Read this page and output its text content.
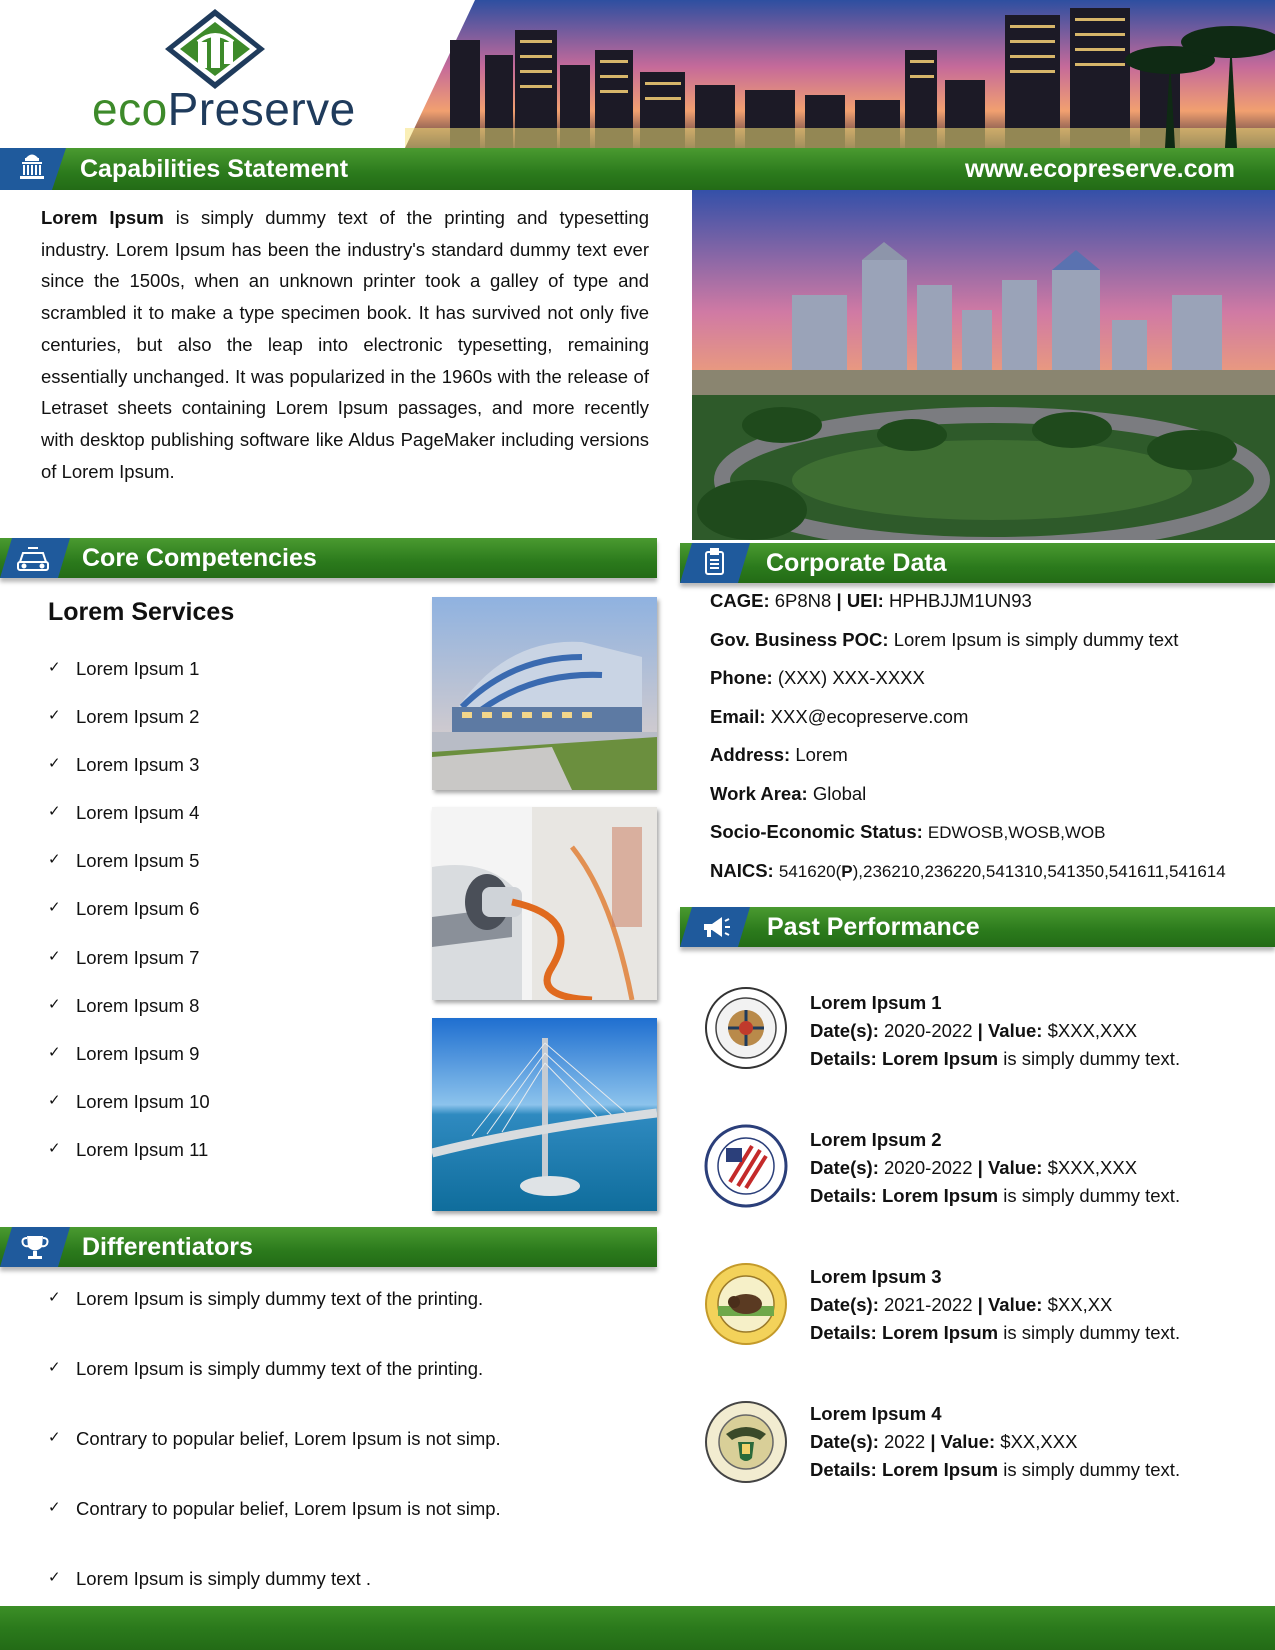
ecoPreserve
Capabilities Statement	www.ecopreserve.com
Lorem Ipsum is simply dummy text of the printing and typesetting industry. Lorem Ipsum has been the industry's standard dummy text ever since the 1500s, when an unknown printer took a galley of type and scrambled it to make a type specimen book. It has survived not only five centuries, but also the leap into electronic typesetting, remaining essentially unchanged. It was popularized in the 1960s with the release of Letraset sheets containing Lorem Ipsum passages, and more recently with desktop publishing software like Aldus PageMaker including versions of Lorem Ipsum.
Core Competencies
Lorem Services
✓ Lorem Ipsum 1
✓ Lorem Ipsum 2
✓ Lorem Ipsum 3
✓ Lorem Ipsum 4
✓ Lorem Ipsum 5
✓ Lorem Ipsum 6
✓ Lorem Ipsum 7
✓ Lorem Ipsum 8
✓ Lorem Ipsum 9
✓ Lorem Ipsum 10
✓ Lorem Ipsum 11
Differentiators
✓ Lorem Ipsum is simply dummy text of the printing.
✓ Lorem Ipsum is simply dummy text of the printing.
✓ Contrary to popular belief, Lorem Ipsum is not simp.
✓ Contrary to popular belief, Lorem Ipsum is not simp.
✓ Lorem Ipsum is simply dummy text .
Corporate Data
CAGE: 6P8N8 | UEI: HPHBJJM1UN93
Gov. Business POC: Lorem Ipsum is simply dummy text
Phone: (XXX) XXX-XXXX
Email: XXX@ecopreserve.com
Address: Lorem
Work Area: Global
Socio-Economic Status: EDWOSB,WOSB,WOB
NAICS: 541620(P),236210,236220,541310,541350,541611,541614
Past Performance
Lorem Ipsum 1
Date(s): 2020-2022 | Value: $XXX,XXX
Details: Lorem Ipsum is simply dummy text.
Lorem Ipsum 2
Date(s): 2020-2022 | Value: $XXX,XXX
Details: Lorem Ipsum is simply dummy text.
Lorem Ipsum 3
Date(s): 2021-2022 | Value: $XX,XX
Details: Lorem Ipsum is simply dummy text.
Lorem Ipsum 4
Date(s): 2022 | Value: $XX,XXX
Details: Lorem Ipsum is simply dummy text.
